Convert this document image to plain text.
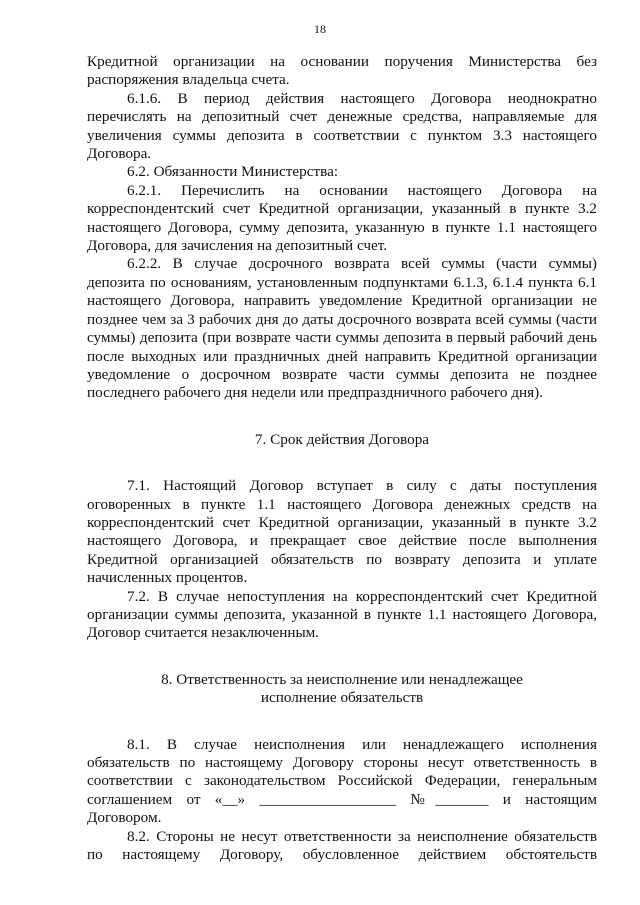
18

Кредитной организации на основании поручения Министерства без распоряжения владельца счета.

6.1.6. В период действия настоящего Договора неоднократно перечислять на депозитный счет денежные средства, направляемые для увеличения суммы депозита в соответствии с пунктом 3.3 настоящего Договора.

6.2. Обязанности Министерства:

6.2.1. Перечислить на основании настоящего Договора на корреспондентский счет Кредитной организации, указанный в пункте 3.2 настоящего Договора, сумму депозита, указанную в пункте 1.1 настоящего Договора, для зачисления на депозитный счет.

6.2.2. В случае досрочного возврата всей суммы (части суммы) депозита по основаниям, установленным подпунктами 6.1.3, 6.1.4 пункта 6.1 настоящего Договора, направить уведомление Кредитной организации не позднее чем за 3 рабочих дня до даты досрочного возврата всей суммы (части суммы) депозита (при возврате части суммы депозита в первый рабочий день после выходных или праздничных дней направить Кредитной организации уведомление о досрочном возврате части суммы депозита не позднее последнего рабочего дня недели или предпраздничного рабочего дня).

7. Срок действия Договора

7.1. Настоящий Договор вступает в силу с даты поступления оговоренных в пункте 1.1 настоящего Договора денежных средств на корреспондентский счет Кредитной организации, указанный в пункте 3.2 настоящего Договора, и прекращает свое действие после выполнения Кредитной организацией обязательств по возврату депозита и уплате начисленных процентов.

7.2. В случае непоступления на корреспондентский счет Кредитной организации суммы депозита, указанной в пункте 1.1 настоящего Договора, Договор считается незаключенным.

8. Ответственность за неисполнение или ненадлежащее

исполнение обязательств

8.1. В случае неисполнения или ненадлежащего исполнения обязательств по настоящему Договору стороны несут ответственность в соответствии с законодательством Российской Федерации, генеральным соглашением от «__» __________________ №_______ и настоящим Договором.

8.2. Стороны не несут ответственности за неисполнение обязательств по настоящему Договору, обусловленное действием обстоятельств
